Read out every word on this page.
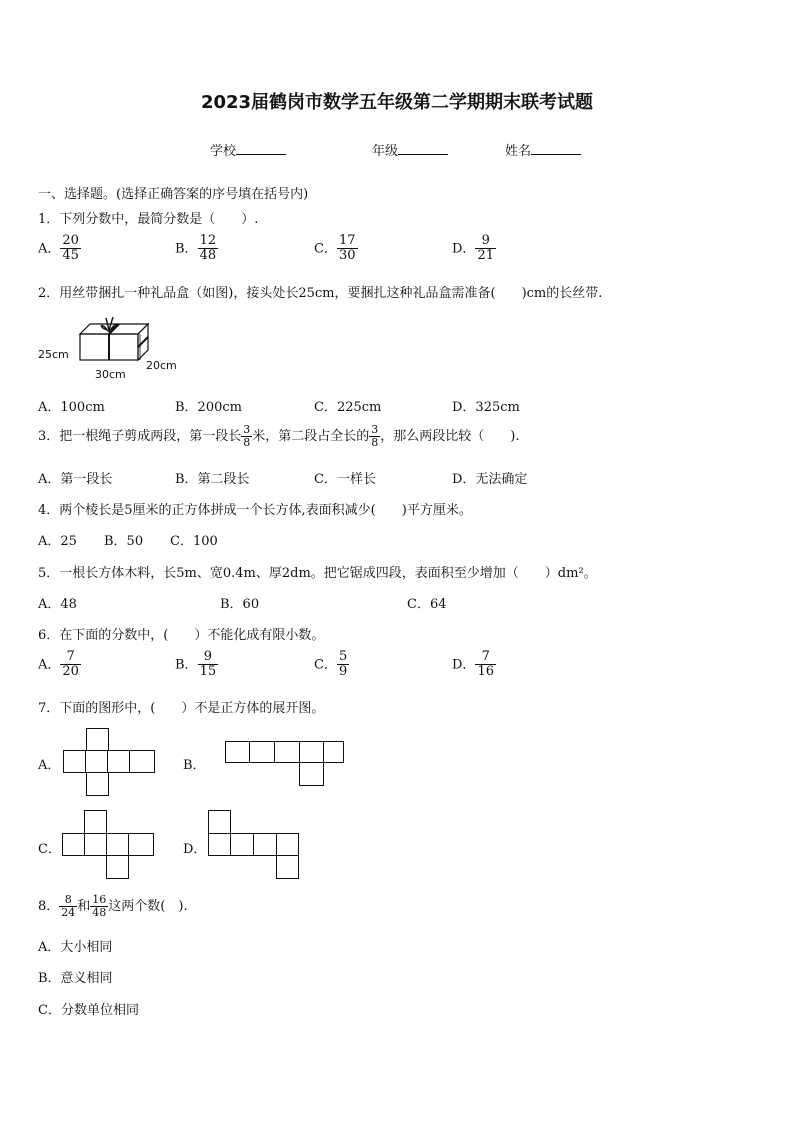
2023届鹤岗市数学五年级第二学期期末联考试题
学校	年级	姓名
一、选择题。(选择正确答案的序号填在括号内)
1．下列分数中，最简分数是（　　）.
A． $\frac{20}{45}$	B． $\frac{12}{48}$	C． $\frac{17}{30}$	D． $\frac{9}{21}$
2．用丝带捆扎一种礼品盒（如图)，接头处长25cm，要捆扎这种礼品盒需准备(　　)cm的长丝带.
25cm
30cm
20cm
A．100cm	B．200cm	C．225cm	D．325cm
3．把一根绳子剪成两段，第一段长 $\frac{3}{8}$ 米，第二段占全长的 $\frac{3}{8}$ ，那么两段比较（　　).
A．第一段长	B．第二段长	C．一样长	D．无法确定
4．两个棱长是5厘米的正方体拼成一个长方体,表面积减少(　　)平方厘米。
A．25 B．50 C．100
5．一根长方体木料，长5m、宽0.4m、厚2dm。把它锯成四段，表面积至少增加（　　）dm²。
A．48	B．60	C．64
6．在下面的分数中，(　　）不能化成有限小数。
A． $\frac{7}{20}$	B． $\frac{9}{15}$	C． $\frac{5}{9}$	D． $\frac{7}{16}$
7．下面的图形中，(　　）不是正方体的展开图。
A．	B．
C．	D．
8． $\frac{8}{24}$ 和 $\frac{16}{48}$ 这两个数(　).
A．大小相同
B．意义相同
C．分数单位相同
